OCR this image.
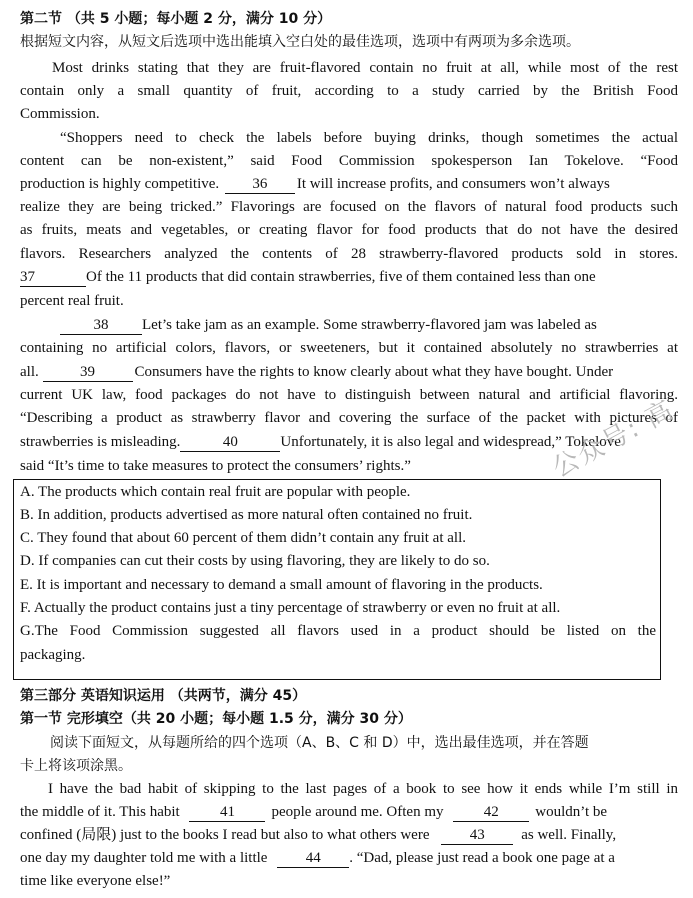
第二节 （共 5 小题；每小题 2 分，满分 10 分）
根据短文内容，从短文后选项中选出能填入空白处的最佳选项，选项中有两项为多余选项。
Most drinks stating that they are fruit-flavored contain no fruit at all, while most of the rest
contain only a small quantity of fruit, according to a study carried by the British Food
Commission.
“Shoppers need to check the labels before buying drinks, though sometimes the actual
content can be non-existent,” said Food Commission spokesperson Ian Tokelove. “Food
production is highly competitive. 36 It will increase profits, and consumers won’t always
realize they are being tricked.” Flavorings are focused on the flavors of natural food products such
as fruits, meats and vegetables, or creating flavor for food products that do not have the desired
flavors. Researchers analyzed the contents of 28 strawberry-flavored products sold in stores.
37	Of the 11 products that did contain strawberries, five of them contained less than one
percent real fruit.
38 Let’s take jam as an example. Some strawberry-flavored jam was labeled as
containing no artificial colors, flavors, or sweeteners, but it contained absolutely no strawberries at
all.	39	Consumers have the rights to know clearly about what they have bought. Under
current UK law, food packages do not have to distinguish between natural and artificial flavoring.
“Describing a product as strawberry flavor and covering the surface of the packet with pictures of
strawberries is misleading.	40	Unfortunately, it is also legal and widespread,” Tokelove
said “It’s time to take measures to protect the consumers’ rights.”
A. The products which contain real fruit are popular with people.
B. In addition, products advertised as more natural often contained no fruit.
C. They found that about 60 percent of them didn’t contain any fruit at all.
D. If companies can cut their costs by using flavoring, they are likely to do so.
E. It is important and necessary to demand a small amount of flavoring in the products.
F. Actually the product contains just a tiny percentage of strawberry or even no fruit at all.
G.The Food Commission suggested all flavors used in a product should be listed on the
packaging.
公众号: 高
第三部分 英语知识运用 （共两节，满分 45）
第一节 完形填空（共 20 小题；每小题 1.5 分，满分 30 分）
阅读下面短文，从每题所给的四个选项（A、B、C 和 D）中，选出最佳选项，并在答题
卡上将该项涂黑。
I have the bad habit of skipping to the last pages of a book to see how it ends while I’m still in
the middle of it. This habit	41 people around me. Often my	42 wouldn’t be
confined (局限) just to the books I read but also to what others were	43 as well. Finally,
one day my daughter told me with a little	44 . “Dad, please just read a book one page at a
time like everyone else!”
